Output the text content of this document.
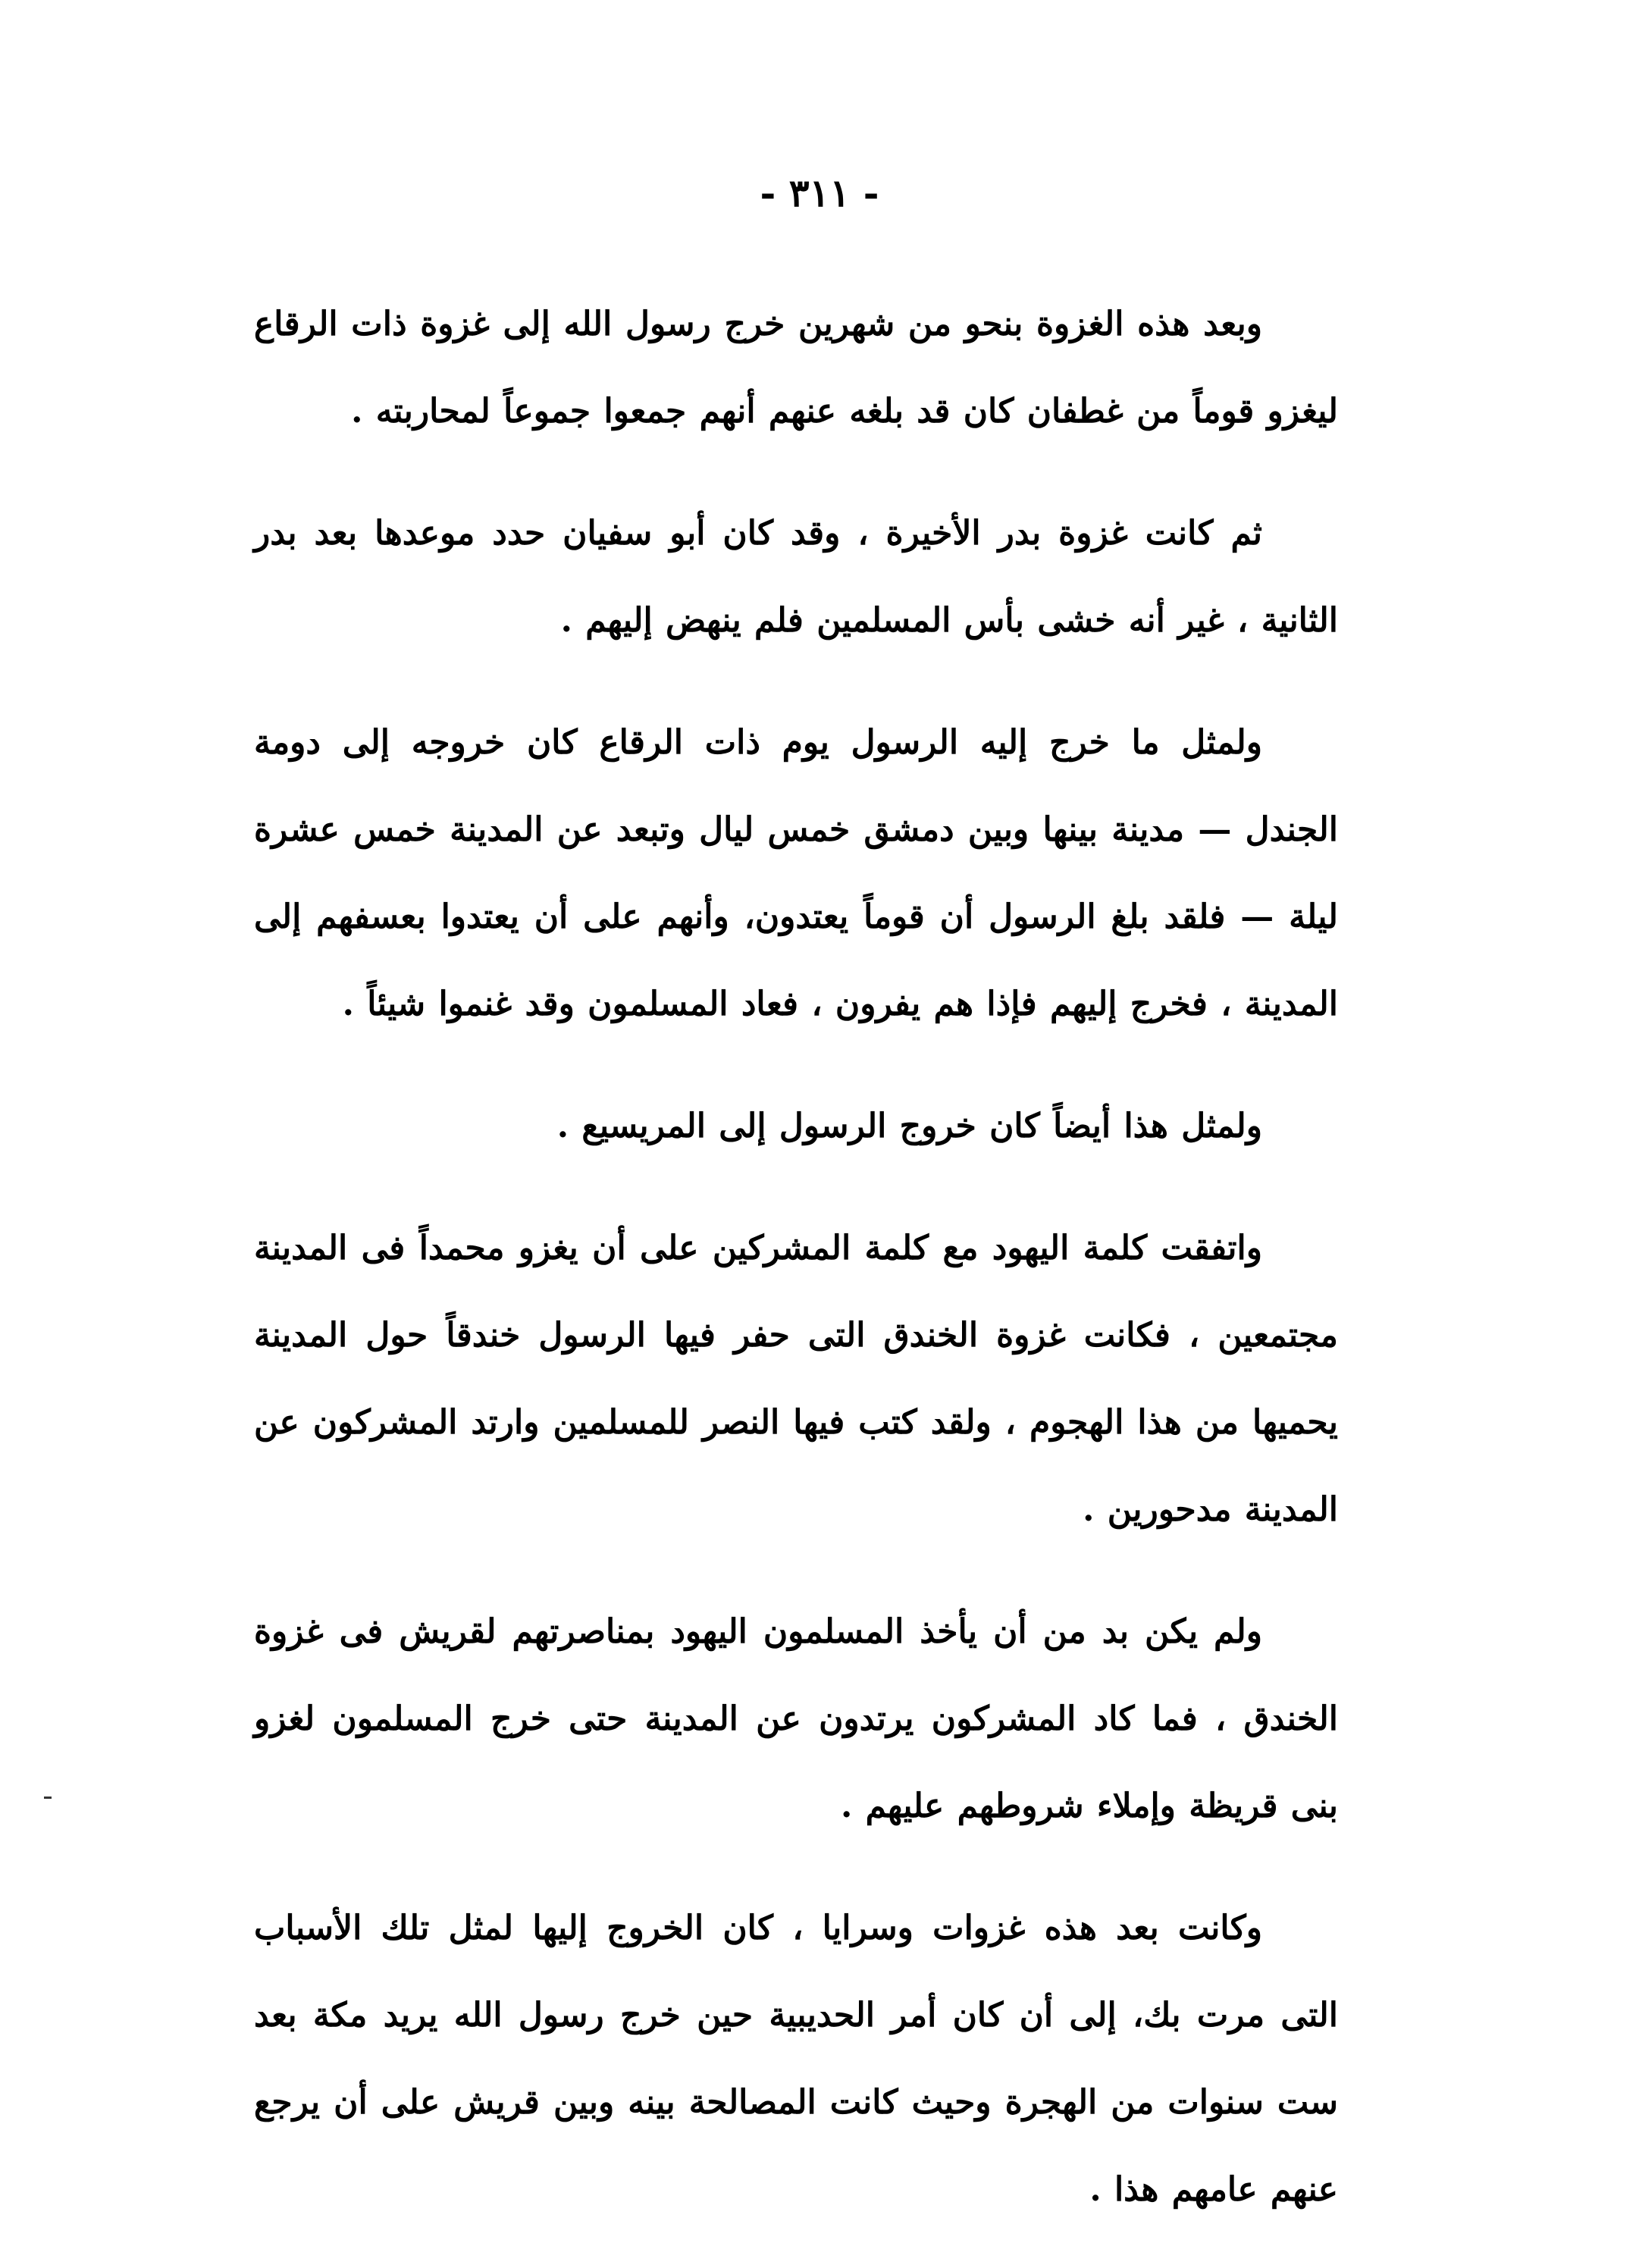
- ٣١١ -

وبعد هذه الغزوة بنحو من شهرين خرج رسول الله إلى غزوة ذات الرقاع ليغزو قوماً من غطفان كان قد بلغه عنهم أنهم جمعوا جموعاً لمحاربته .

ثم كانت غزوة بدر الأخيرة ، وقد كان أبو سفيان حدد موعدها بعد بدر الثانية ، غير أنه خشى بأس المسلمين فلم ينهض إليهم .

ولمثل ما خرج إليه الرسول يوم ذات الرقاع كان خروجه إلى دومة الجندل — مدينة بينها وبين دمشق خمس ليال وتبعد عن المدينة خمس عشرة ليلة — فلقد بلغ الرسول أن قوماً يعتدون، وأنهم على أن يعتدوا بعسفهم إلى المدينة ، فخرج إليهم فإذا هم يفرون ، فعاد المسلمون وقد غنموا شيئاً .

ولمثل هذا أيضاً كان خروج الرسول إلى المريسيع .

واتفقت كلمة اليهود مع كلمة المشركين على أن يغزو محمداً فى المدينة مجتمعين ، فكانت غزوة الخندق التى حفر فيها الرسول خندقاً حول المدينة يحميها من هذا الهجوم ، ولقد كتب فيها النصر للمسلمين وارتد المشركون عن المدينة مدحورين .

ولم يكن بد من أن يأخذ المسلمون اليهود بمناصرتهم لقريش فى غزوة الخندق ، فما كاد المشركون يرتدون عن المدينة حتى خرج المسلمون لغزو بنى قريظة وإملاء شروطهم عليهم .

وكانت بعد هذه غزوات وسرايا ، كان الخروج إليها لمثل تلك الأسباب التى مرت بك، إلى أن كان أمر الحديبية حين خرج رسول الله يريد مكة بعد ست سنوات من الهجرة وحيث كانت المصالحة بينه وبين قريش على أن يرجع عنهم عامهم هذا .
